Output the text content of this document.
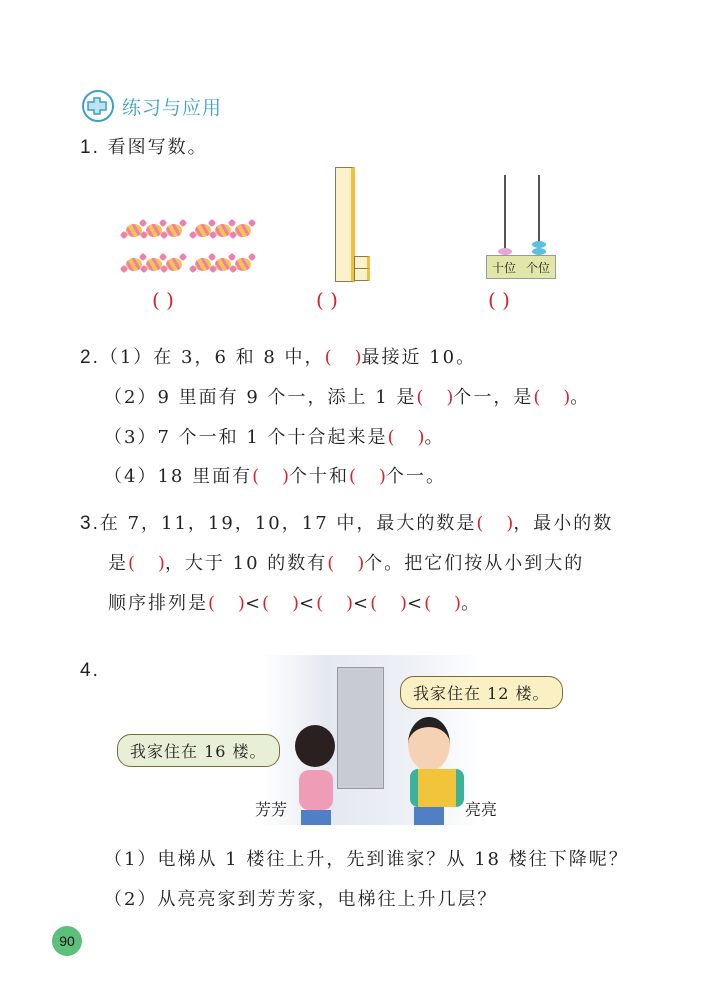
练习与应用
1. 看图写数。
十位 个位
( )	( )	( )
2.（1）在 3，6 和 8 中，(    )最接近 10。
（2）9 里面有 9 个一，添上 1 是(    )个一，是(    )。
（3）7 个一和 1 个十合起来是(    )。
（4）18 里面有(    )个十和(    )个一。
3.在 7，11，19，10，17 中，最大的数是(    )，最小的数
是(    )，大于 10 的数有(    )个。把它们按从小到大的
顺序排列是(    )<(    )<(    )<(    )<(    )。
4.
我家住在 16 楼。
我家住在 12 楼。
芳芳	亮亮
（1）电梯从 1 楼往上升，先到谁家？从 18 楼往下降呢？
（2）从亮亮家到芳芳家，电梯往上升几层？
90
